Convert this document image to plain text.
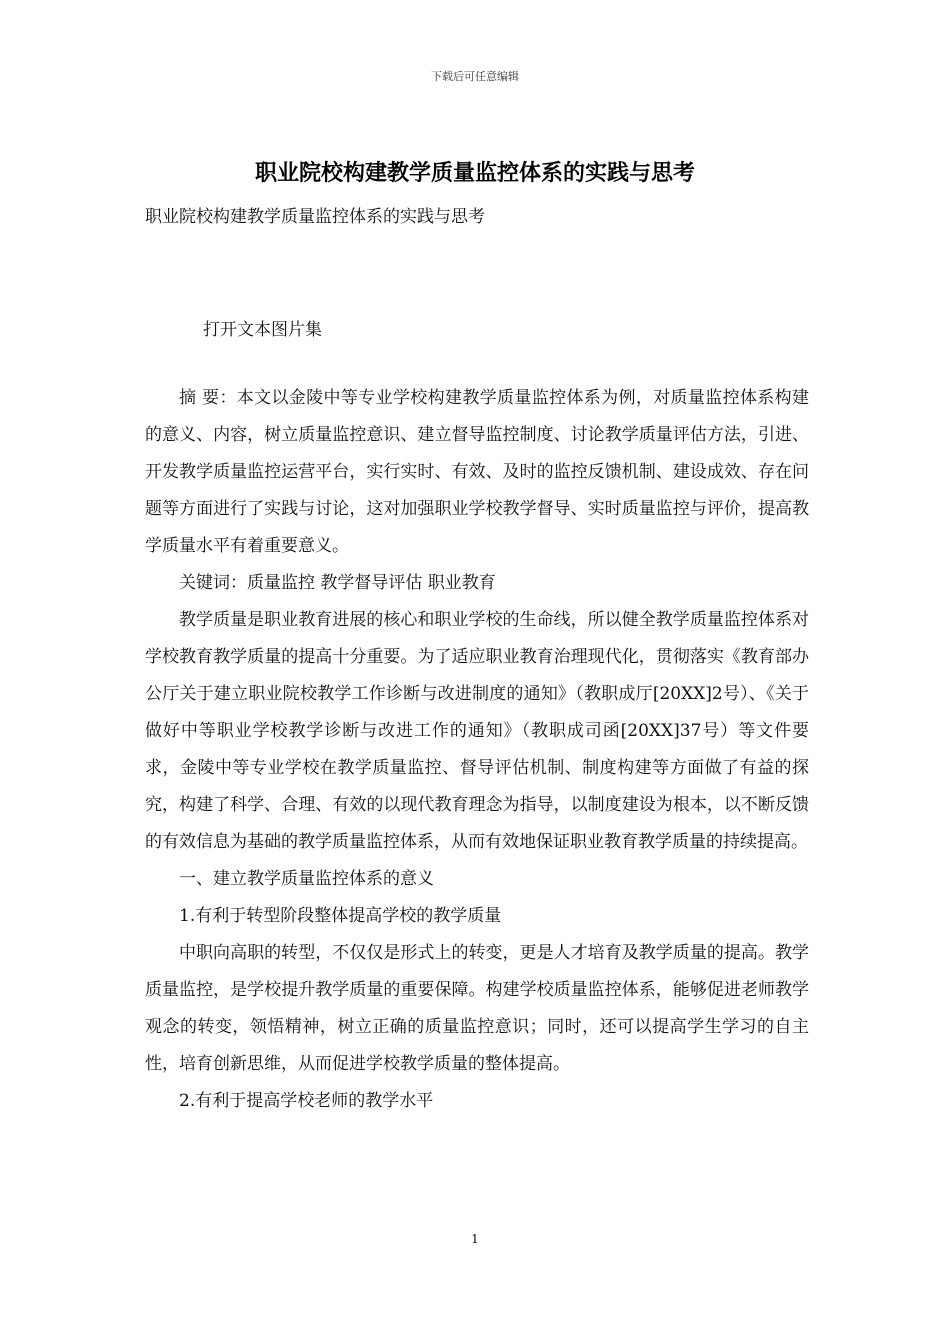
下载后可任意编辑
职业院校构建教学质量监控体系的实践与思考
职业院校构建教学质量监控体系的实践与思考
打开文本图片集

摘 要：本文以金陵中等专业学校构建教学质量监控体系为例，对质量监控体系构建的意义、内容，树立质量监控意识、建立督导监控制度、讨论教学质量评估方法，引进、开发教学质量监控运营平台，实行实时、有效、及时的监控反馈机制、建设成效、存在问题等方面进行了实践与讨论，这对加强职业学校教学督导、实时质量监控与评价，提高教学质量水平有着重要意义。

关键词：质量监控 教学督导评估 职业教育

教学质量是职业教育进展的核心和职业学校的生命线，所以健全教学质量监控体系对学校教育教学质量的提高十分重要。为了适应职业教育治理现代化，贯彻落实《教育部办公厅关于建立职业院校教学工作诊断与改进制度的通知》（教职成厅[20XX]2号）、《关于做好中等职业学校教学诊断与改进工作的通知》（教职成司函[20XX]37号）等文件要求，金陵中等专业学校在教学质量监控、督导评估机制、制度构建等方面做了有益的探究，构建了科学、合理、有效的以现代教育理念为指导，以制度建设为根本，以不断反馈的有效信息为基础的教学质量监控体系，从而有效地保证职业教育教学质量的持续提高。

一、建立教学质量监控体系的意义

1.有利于转型阶段整体提高学校的教学质量

中职向高职的转型，不仅仅是形式上的转变，更是人才培育及教学质量的提高。教学质量监控，是学校提升教学质量的重要保障。构建学校质量监控体系，能够促进老师教学观念的转变，领悟精神，树立正确的质量监控意识；同时，还可以提高学生学习的自主性，培育创新思维，从而促进学校教学质量的整体提高。

2.有利于提高学校老师的教学水平

1
